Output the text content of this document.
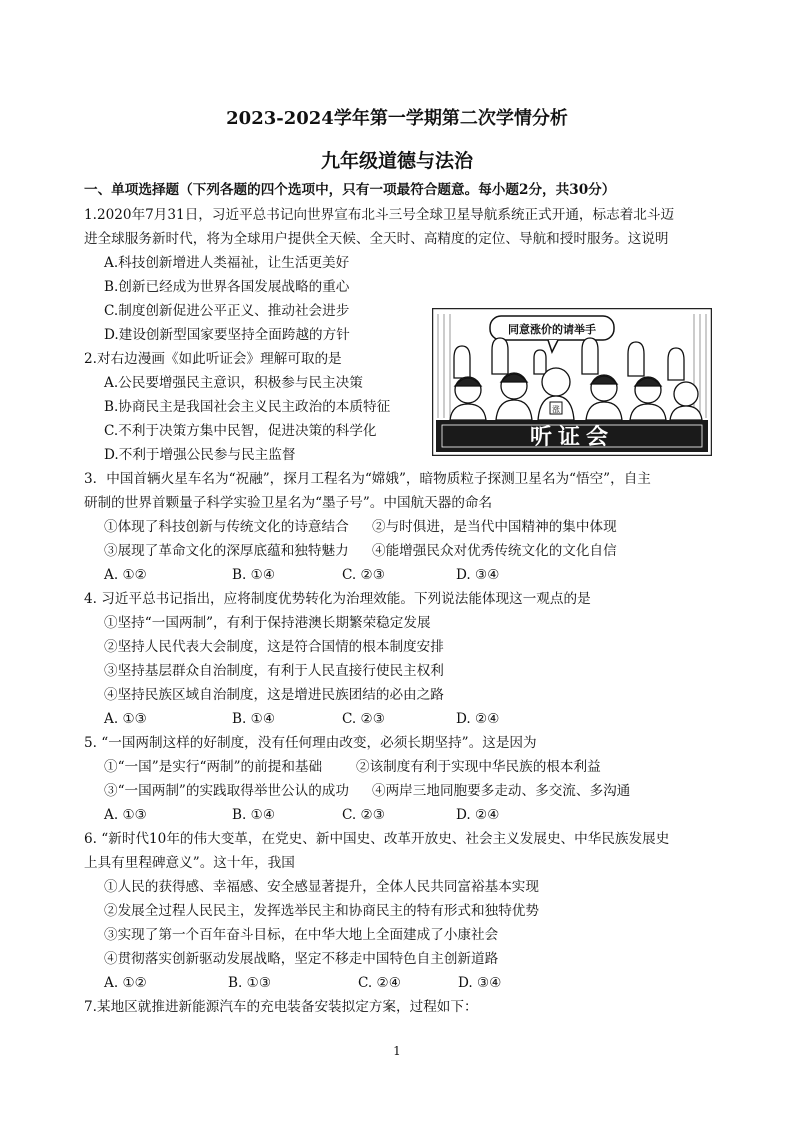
2023-2024学年第一学期第二次学情分析
九年级道德与法治
一、单项选择题（下列各题的四个选项中，只有一项最符合题意。每小题2分，共30分）
1.2020年7月31日，习近平总书记向世界宣布北斗三号全球卫星导航系统正式开通，标志着北斗迈
进全球服务新时代，将为全球用户提供全天候、全天时、高精度的定位、导航和授时服务。这说明
A.科技创新增进人类福祉，让生活更美好
B.创新已经成为世界各国发展战略的重心
C.制度创新促进公平正义、推动社会进步
D.建设创新型国家要坚持全面跨越的方针
2.对右边漫画《如此听证会》理解可取的是
A.公民要增强民主意识，积极参与民主决策
B.协商民主是我国社会主义民主政治的本质特征
C.不利于决策方集中民智，促进决策的科学化
D.不利于增强公民参与民主监督
同意涨价的请举手
涨
听证会
3．中国首辆火星车名为“祝融”，探月工程名为“嫦娥”，暗物质粒子探测卫星名为“悟空”，自主
研制的世界首颗量子科学实验卫星名为“墨子号”。中国航天器的命名
①体现了科技创新与传统文化的诗意结合 ②与时俱进，是当代中国精神的集中体现
③展现了革命文化的深厚底蕴和独特魅力 ④能增强民众对优秀传统文化的文化自信
A. ①②	B. ①④	C. ②③	D. ③④
4. 习近平总书记指出，应将制度优势转化为治理效能。下列说法能体现这一观点的是
①坚持“一国两制”，有利于保持港澳长期繁荣稳定发展
②坚持人民代表大会制度，这是符合国情的根本制度安排
③坚持基层群众自治制度，有利于人民直接行使民主权利
④坚持民族区域自治制度，这是增进民族团结的必由之路
A. ①③	B. ①④	C. ②③	D. ②④
5. “一国两制这样的好制度，没有任何理由改变，必须长期坚持”。这是因为
①“一国”是实行“两制”的前提和基础 ②该制度有利于实现中华民族的根本利益
③“一国两制”的实践取得举世公认的成功 ④两岸三地同胞要多走动、多交流、多沟通
A. ①③	B. ①④	C. ②③	D. ②④
6. “新时代10年的伟大变革，在党史、新中国史、改革开放史、社会主义发展史、中华民族发展史
上具有里程碑意义”。这十年，我国
①人民的获得感、幸福感、安全感显著提升，全体人民共同富裕基本实现
②发展全过程人民民主，发挥选举民主和协商民主的特有形式和独特优势
③实现了第一个百年奋斗目标，在中华大地上全面建成了小康社会
④贯彻落实创新驱动发展战略，坚定不移走中国特色自主创新道路
A. ①②	B. ①③	C. ②④	D. ③④
7.某地区就推进新能源汽车的充电装备安装拟定方案，过程如下：
1
